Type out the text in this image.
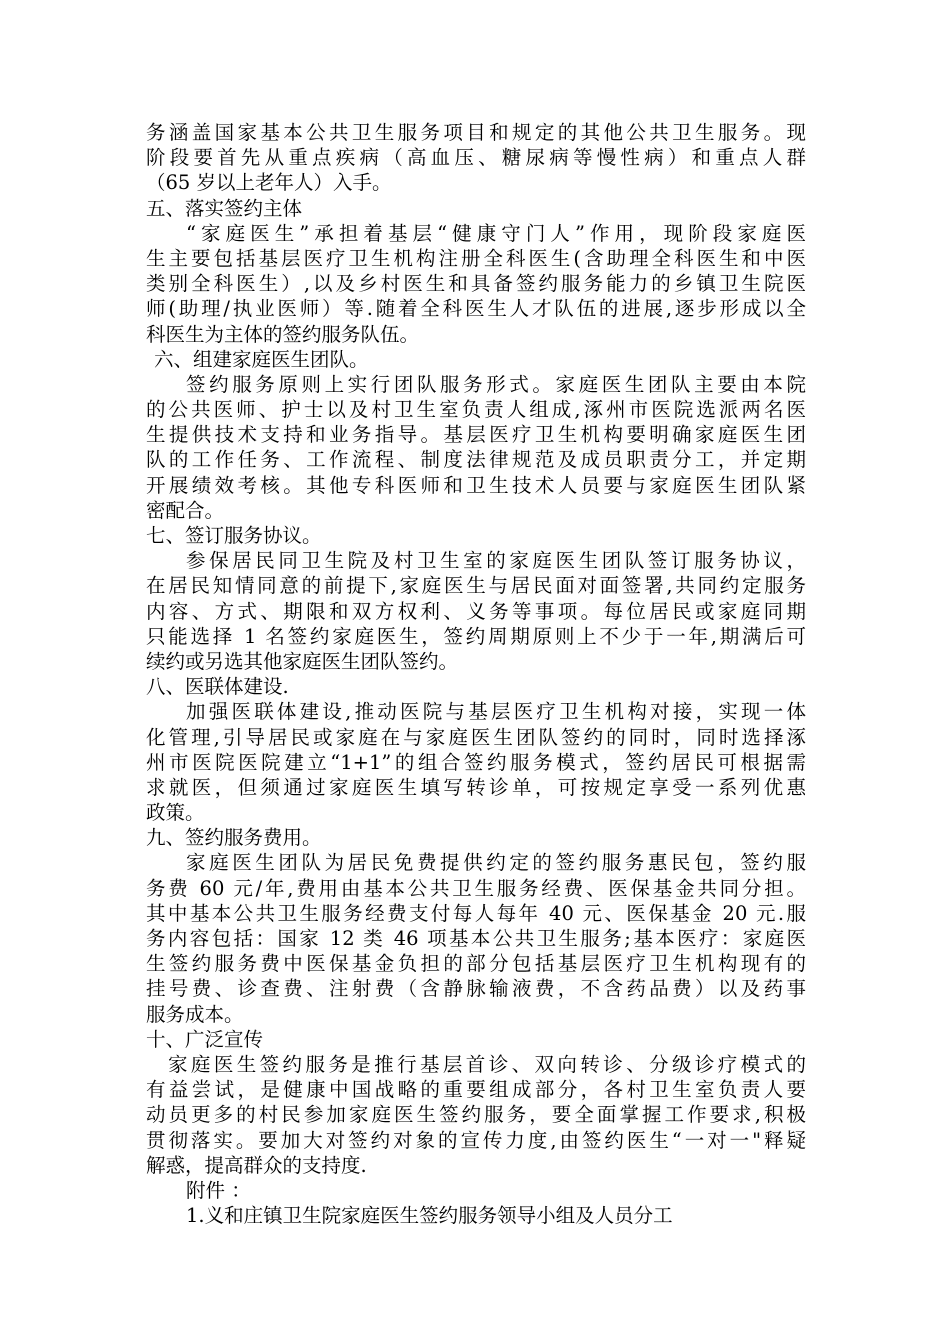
务涵盖国家基本公共卫生服务项目和规定的其他公共卫生服务。现
阶段要首先从重点疾病（高血压、糖尿病等慢性病）和重点人群
（65 岁以上老年人）入手。
五、落实签约主体
“家庭医生”承担着基层“健康守门人”作用，现阶段家庭医
生主要包括基层医疗卫生机构注册全科医生(含助理全科医生和中医
类别全科医生）,以及乡村医生和具备签约服务能力的乡镇卫生院医
师(助理/执业医师）等.随着全科医生人才队伍的进展,逐步形成以全
科医生为主体的签约服务队伍。
六、组建家庭医生团队。
签约服务原则上实行团队服务形式。家庭医生团队主要由本院
的公共医师、护士以及村卫生室负责人组成,涿州市医院选派两名医
生提供技术支持和业务指导。基层医疗卫生机构要明确家庭医生团
队的工作任务、工作流程、制度法律规范及成员职责分工，并定期
开展绩效考核。其他专科医师和卫生技术人员要与家庭医生团队紧
密配合。
七、签订服务协议。
参保居民同卫生院及村卫生室的家庭医生团队签订服务协议，
在居民知情同意的前提下,家庭医生与居民面对面签署,共同约定服务
内容、方式、期限和双方权利、义务等事项。每位居民或家庭同期
只能选择 1 名签约家庭医生，签约周期原则上不少于一年,期满后可
续约或另选其他家庭医生团队签约。
八、医联体建设.
加强医联体建设,推动医院与基层医疗卫生机构对接，实现一体
化管理,引导居民或家庭在与家庭医生团队签约的同时，同时选择涿
州市医院医院建立“1+1”的组合签约服务模式，签约居民可根据需
求就医，但须通过家庭医生填写转诊单，可按规定享受一系列优惠
政策。
九、签约服务费用。
家庭医生团队为居民免费提供约定的签约服务惠民包，签约服
务费 60 元/年,费用由基本公共卫生服务经费、医保基金共同分担。
其中基本公共卫生服务经费支付每人每年 40 元、医保基金 20 元.服
务内容包括：国家 12 类 46 项基本公共卫生服务;基本医疗：家庭医
生签约服务费中医保基金负担的部分包括基层医疗卫生机构现有的
挂号费、诊查费、注射费（含静脉输液费，不含药品费）以及药事
服务成本。
十、广泛宣传
家庭医生签约服务是推行基层首诊、双向转诊、分级诊疗模式的
有益尝试，是健康中国战略的重要组成部分，各村卫生室负责人要
动员更多的村民参加家庭医生签约服务，要全面掌握工作要求,积极
贯彻落实。要加大对签约对象的宣传力度,由签约医生“一对一"释疑
解惑，提高群众的支持度.
附件 ：
1.义和庄镇卫生院家庭医生签约服务领导小组及人员分工
